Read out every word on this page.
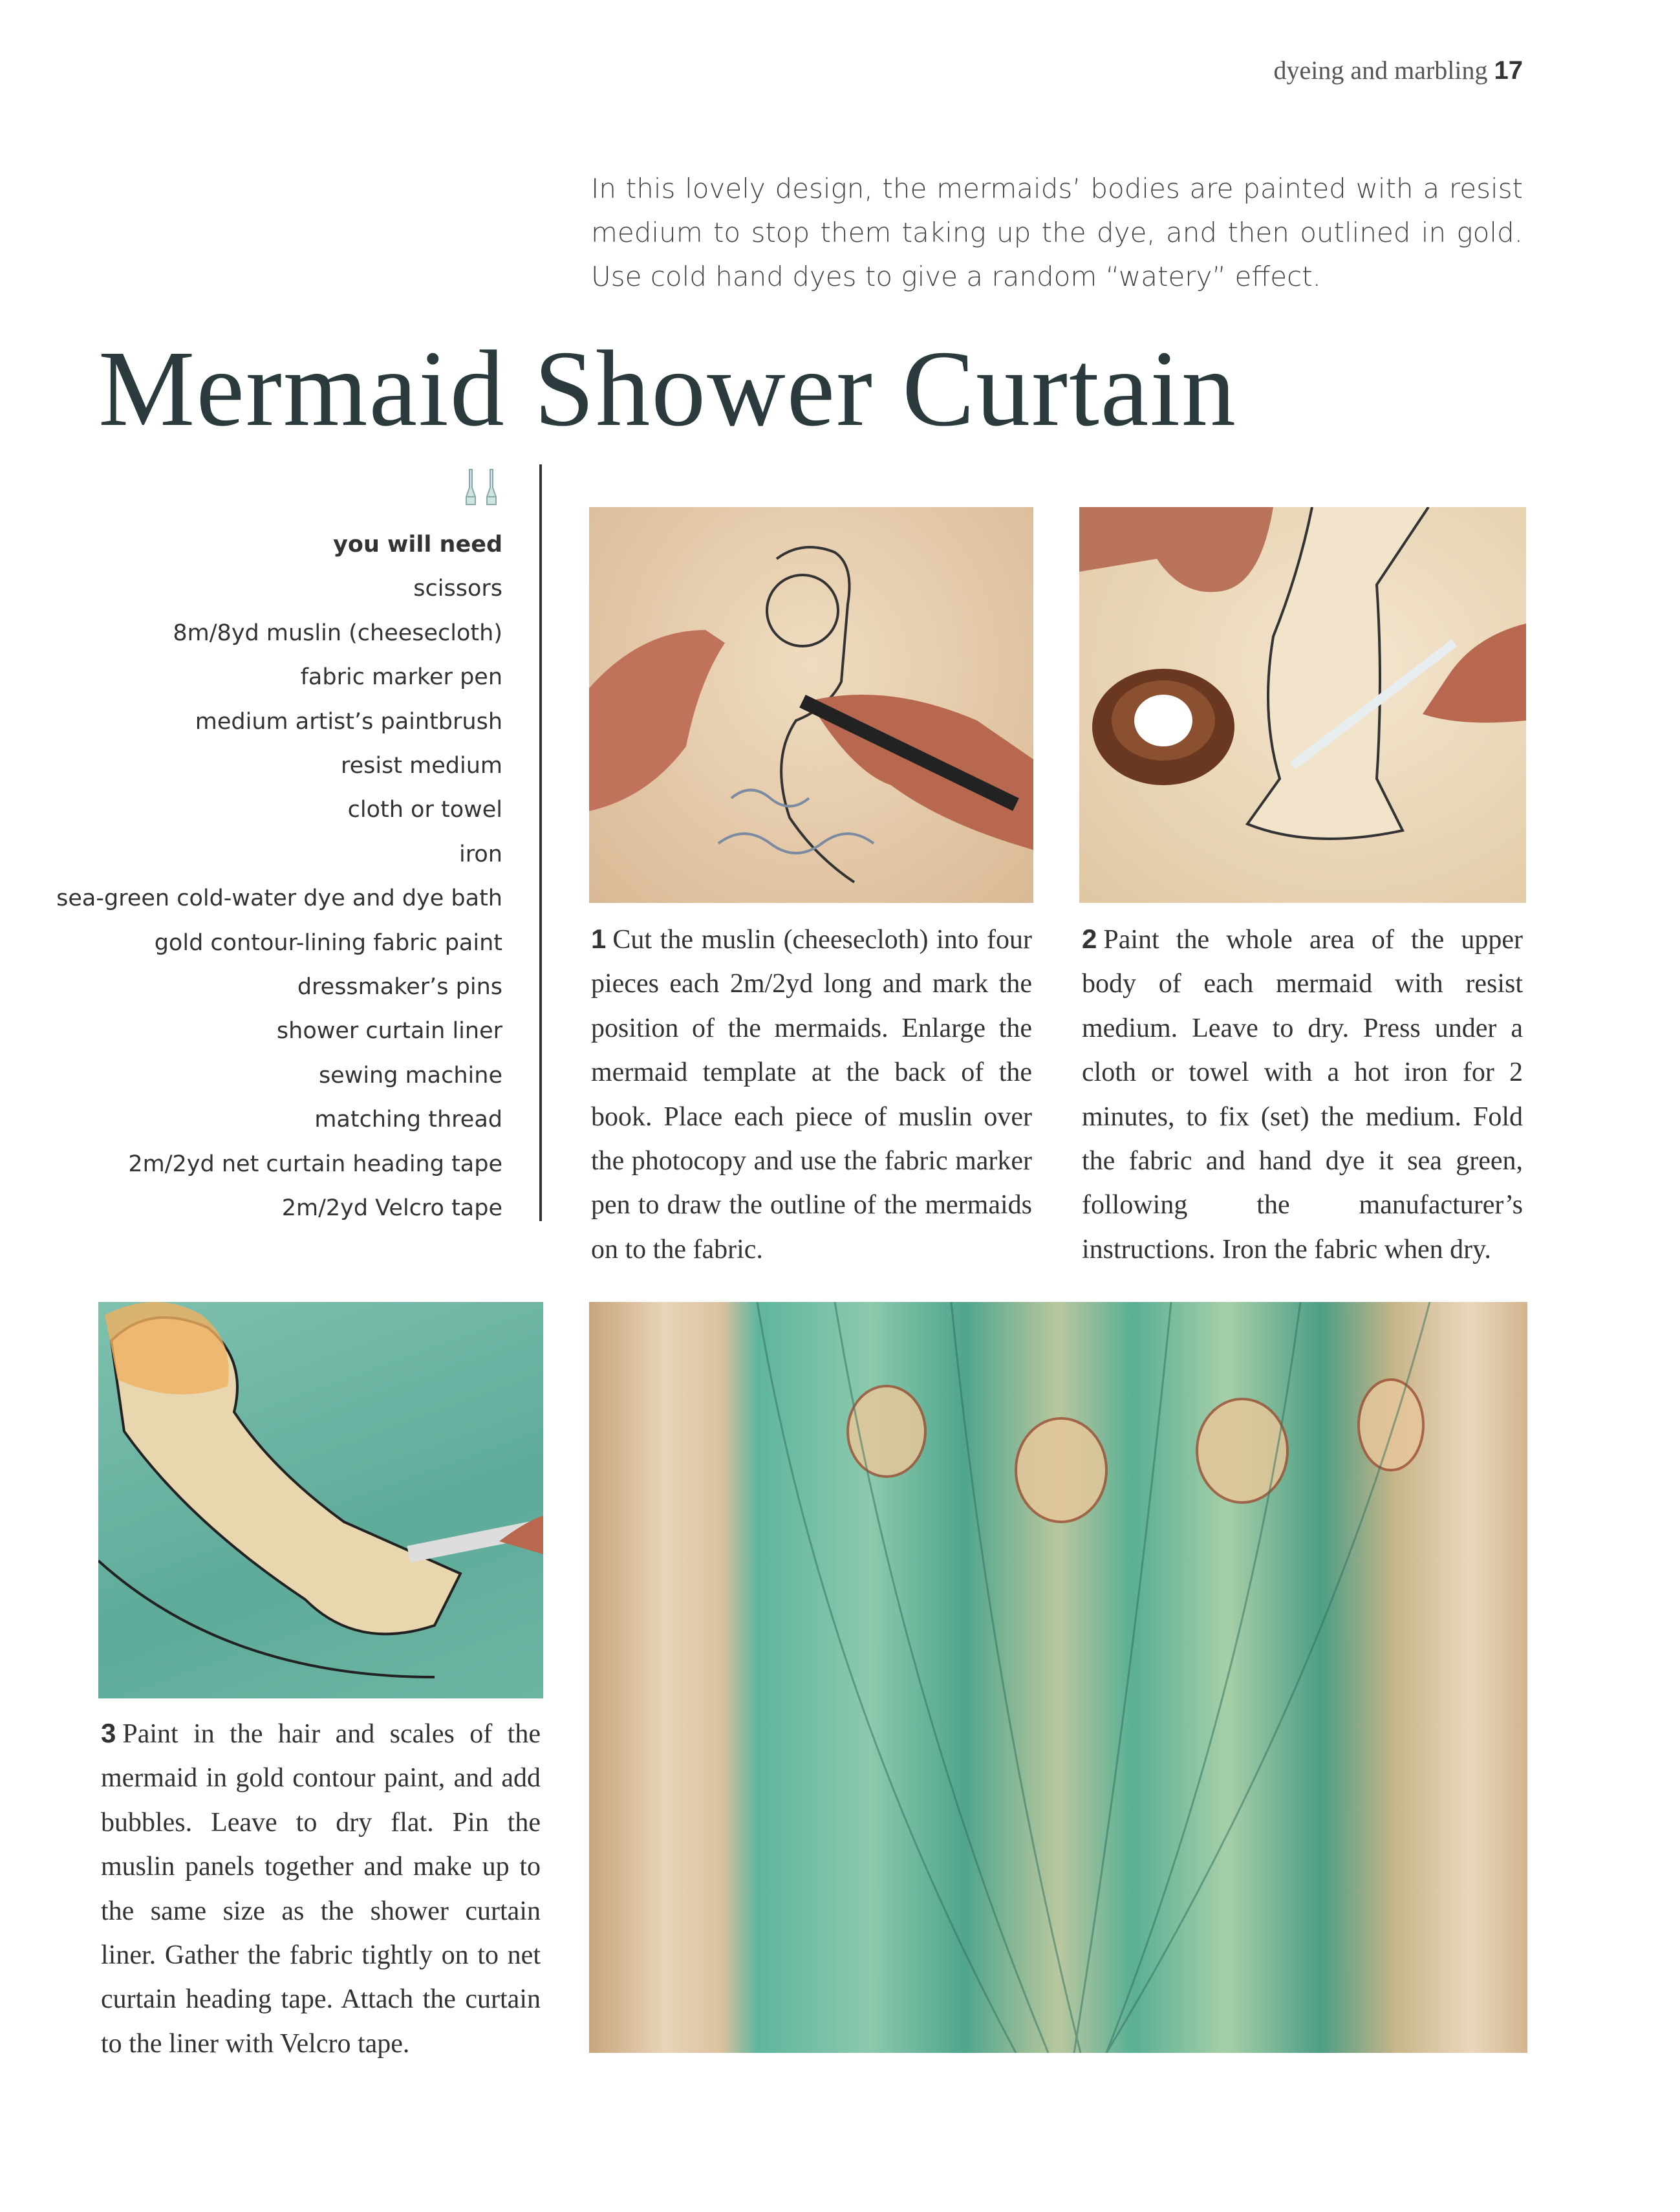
dyeing and marbling 17
In this lovely design, the mermaids’ bodies are painted with a resist medium to stop them taking up the dye, and then outlined in gold. Use cold hand dyes to give a random “watery” effect.
Mermaid Shower Curtain
you will need
scissors
8m/8yd muslin (cheesecloth)
fabric marker pen
medium artist’s paintbrush
resist medium
cloth or towel
iron
sea-green cold-water dye and dye bath
gold contour-lining fabric paint
dressmaker’s pins
shower curtain liner
sewing machine
matching thread
2m/2yd net curtain heading tape
2m/2yd Velcro tape
1 Cut the muslin (cheesecloth) into four pieces each 2m/2yd long and mark the position of the mermaids. Enlarge the mermaid template at the back of the book. Place each piece of muslin over the photocopy and use the fabric marker pen to draw the outline of the mermaids on to the fabric.
2 Paint the whole area of the upper body of each mermaid with resist medium. Leave to dry. Press under a cloth or towel with a hot iron for 2 minutes, to fix (set) the medium. Fold the fabric and hand dye it sea green, following the manufacturer’s instructions. Iron the fabric when dry.
3 Paint in the hair and scales of the mermaid in gold contour paint, and add bubbles. Leave to dry flat. Pin the muslin panels together and make up to the same size as the shower curtain liner. Gather the fabric tightly on to net curtain heading tape. Attach the curtain to the liner with Velcro tape.
